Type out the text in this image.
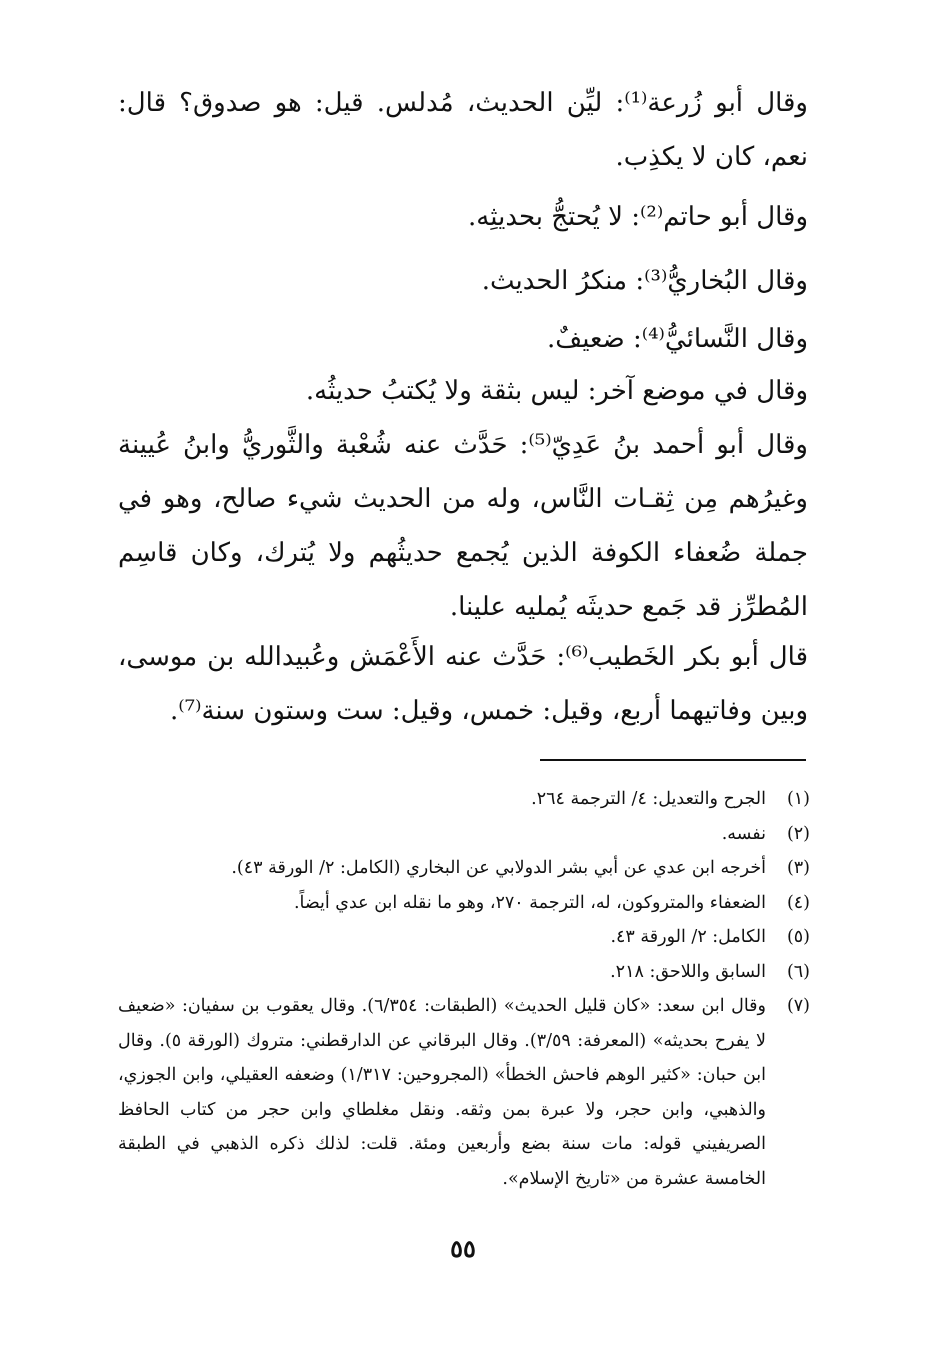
وقال أبو زُرعة⁽¹⁾: ليِّن الحديث، مُدلس. قيل: هو صدوق؟ قال: نعم، كان لا يكذِب.

وقال أبو حاتم⁽²⁾: لا يُحتجُّ بحديثِه.

وقال البُخاريُّ⁽³⁾: منكرُ الحديث.

وقال النَّسائيُّ⁽⁴⁾: ضعيفٌ.

وقال في موضع آخر: ليس بثقة ولا يُكتبُ حديثُه.

وقال أبو أحمد بنُ عَدِيّ⁽⁵⁾: حَدَّث عنه شُعْبة والثَّوريُّ وابنُ عُيينة وغيرُهم مِن ثِقـات النَّاس، وله من الحديث شيء صالح، وهو في جملة ضُعفاء الكوفة الذين يُجمع حديثُهم ولا يُترك، وكان قاسِم المُطرِّز قد جَمع حديثَه يُمليه علينا.

قال أبو بكر الخَطيب⁽⁶⁾: حَدَّث عنه الأَعْمَش وعُبيدالله بن موسى، وبين وفاتيهما أربع، وقيل: خمس، وقيل: ست وستون سنة⁽⁷⁾.

(١)
الجرح والتعديل: ٤/ الترجمة ٢٦٤.
(٢)
نفسه.
(٣)
أخرجه ابن عدي عن أبي بشر الدولابي عن البخاري (الكامل: ٢/ الورقة ٤٣).
(٤)
الضعفاء والمتروكون، له، الترجمة ٢٧٠، وهو ما نقله ابن عدي أيضاً.
(٥)
الكامل: ٢/ الورقة ٤٣.
(٦)
السابق واللاحق: ٢١٨.
(٧)
وقال ابن سعد: «كان قليل الحديث» (الطبقات: ٦/٣٥٤). وقال يعقوب بن سفيان: «ضعيف لا يفرح بحديثه» (المعرفة: ٣/٥٩). وقال البرقاني عن الدارقطني: متروك (الورقة ٥). وقال ابن حبان: «كثير الوهم فاحش الخطأ» (المجروحين: ١/٣١٧) وضعفه العقيلي، وابن الجوزي، والذهبي، وابن حجر، ولا عبرة بمن وثقه. ونقل مغلطاي وابن حجر من كتاب الحافظ الصريفيني قوله: مات سنة بضع وأربعين ومئة. قلت: لذلك ذكره الذهبي في الطبقة الخامسة عشرة من «تاريخ الإسلام».
٥٥
